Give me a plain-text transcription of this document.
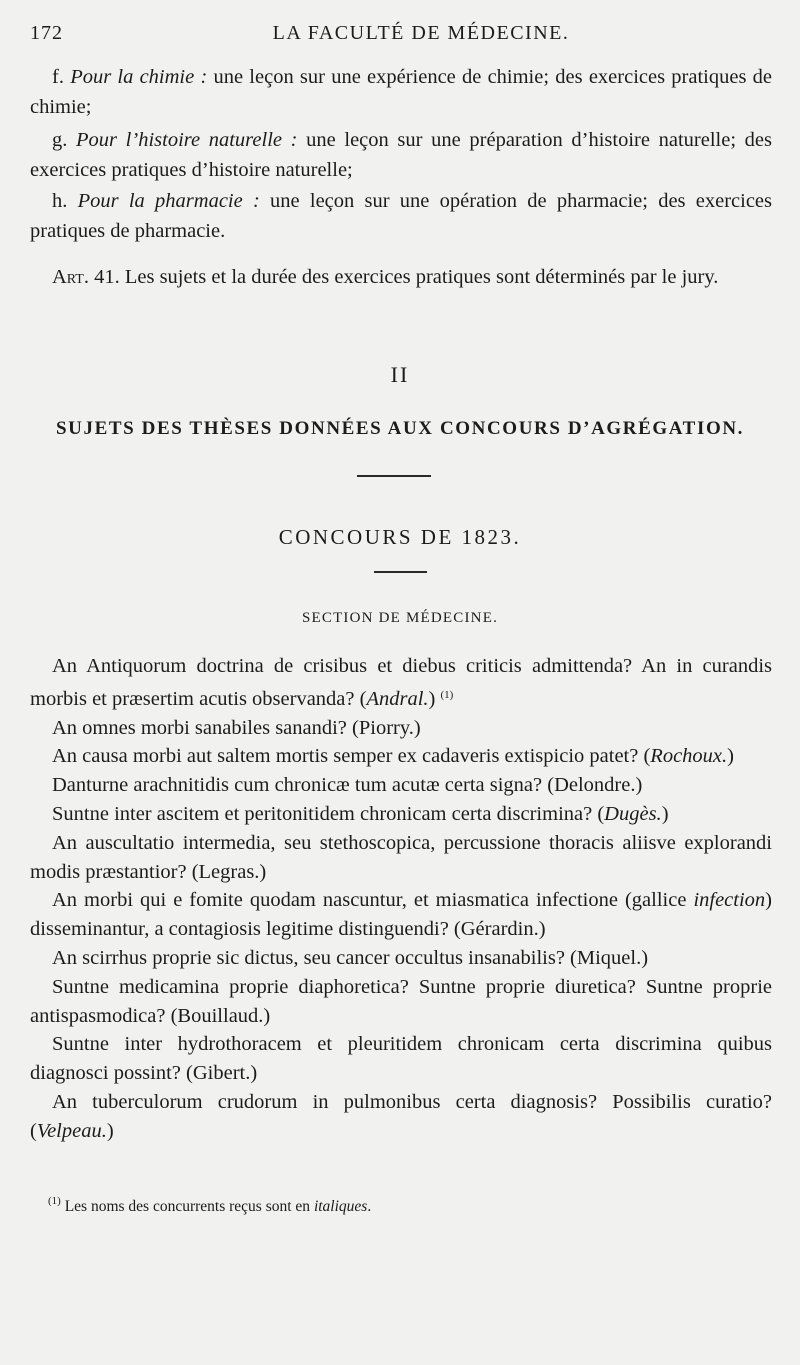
172	LA FACULTÉ DE MÉDECINE.
f. Pour la chimie : une leçon sur une expérience de chimie; des exercices pratiques de chimie;
g. Pour l’histoire naturelle : une leçon sur une préparation d’histoire naturelle; des exercices pratiques d’histoire naturelle;
h. Pour la pharmacie : une leçon sur une opération de pharmacie; des exercices pratiques de pharmacie.
Art. 41. Les sujets et la durée des exercices pratiques sont déterminés par le jury.
II
SUJETS DES THÈSES DONNÉES AUX CONCOURS D’AGRÉGATION.
CONCOURS DE 1823.
SECTION DE MÉDECINE.

An Antiquorum doctrina de crisibus et diebus criticis admittenda? An in curandis morbis et præsertim acutis observanda? (Andral.) $^{(1)}$

An omnes morbi sanabiles sanandi? (Piorry.)

An causa morbi aut saltem mortis semper ex cadaveris extispicio patet? (Rochoux.)

Danturne arachnitidis cum chronicæ tum acutæ certa signa? (Delondre.)

Suntne inter ascitem et peritonitidem chronicam certa discrimina? (Dugès.)

An auscultatio intermedia, seu stethoscopica, percussione thoracis aliisve explorandi modis præstantior? (Legras.)

An morbi qui e fomite quodam nascuntur, et miasmatica infectione (gallice infection) disseminantur, a contagiosis legitime distinguendi? (Gérardin.)

An scirrhus proprie sic dictus, seu cancer occultus insanabilis? (Miquel.)

Suntne medicamina proprie diaphoretica? Suntne proprie diuretica? Suntne proprie antispasmodica? (Bouillaud.)

Suntne inter hydrothoracem et pleuritidem chronicam certa discrimina quibus diagnosci possint? (Gibert.)

An tuberculorum crudorum in pulmonibus certa diagnosis? Possibilis curatio? (Velpeau.)

$^{(1)}$ Les noms des concurrents reçus sont en italiques.
